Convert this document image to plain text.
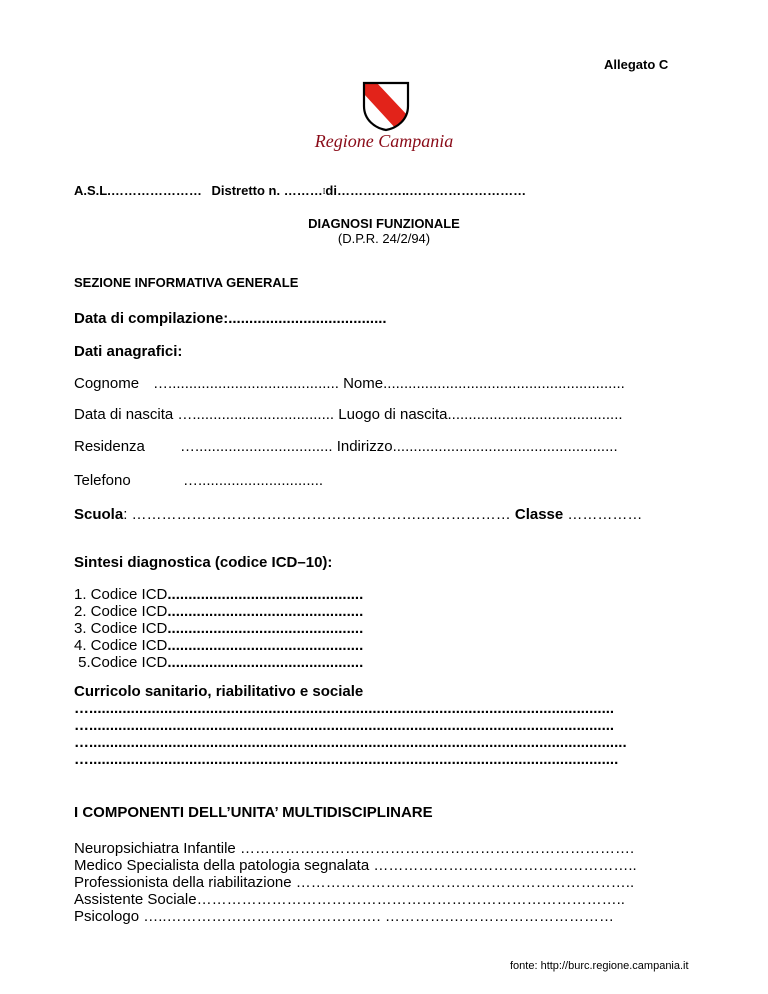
Allegato C
Regione Campania
A.S.L.………………… Distretto n. ………⁞di……………..………………………
DIAGNOSI FUNZIONALE
(D.P.R. 24/2/94)
SEZIONE INFORMATIVA GENERALE
Data di compilazione:......................................
Dati anagrafici:
Cognome …......................................... Nome..........................................................
Data di nascita ….................................. Luogo di nascita..........................................
Residenza …................................. Indirizzo......................................................
Telefono	…..............................
Scuola: ………………………………………………….……………… Classe ……………
Sintesi diagnostica (codice ICD–10):
1. Codice ICD...............................................
2. Codice ICD...............................................
3. Codice ICD...............................................
4. Codice ICD...............................................
5.Codice ICD...............................................
Curricolo sanitario, riabilitativo e sociale
…..............................................................................................................................
…..............................................................................................................................
….................................................................................................................................
…...............................................................................................................................
I COMPONENTI DELL’UNITA’ MULTIDISCIPLINARE
Neuropsichiatra Infantile …………………………………………………………………….
Medico Specialista della patologia segnalata ……………………………………………..
Professionista della riabilitazione …………………………………………………………..
Assistente Sociale…………………………………………………………………………..
Psicologo …..……………………………………. ………….……………………………
fonte: http://burc.regione.campania.it
